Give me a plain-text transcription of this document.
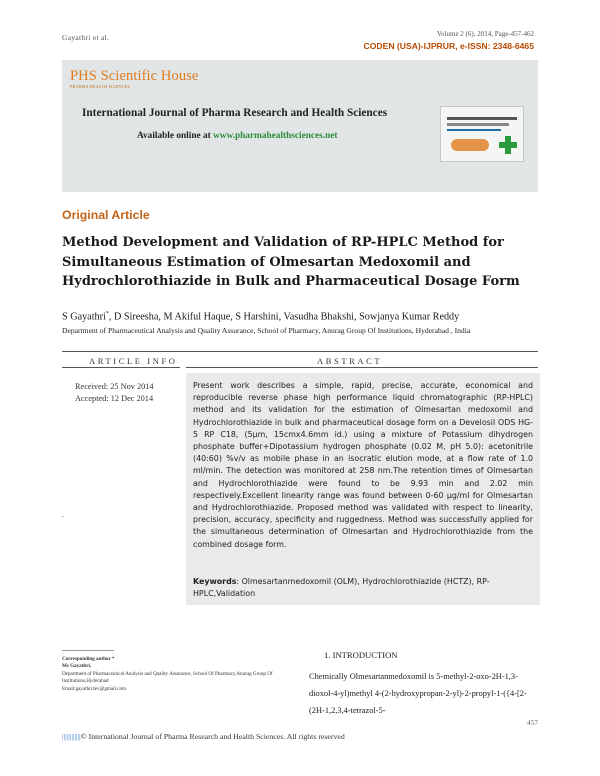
Gayathri et al.	Volume 2 (6), 2014, Page-457-462
CODEN (USA)-IJPRUR, e-ISSN: 2348-6465
PHS Scientific House
PHARMA HEALTH SCIENCES
International Journal of Pharma Research and Health Sciences
Available online at www.pharmahealthsciences.net
Original Article
Method Development and Validation of RP-HPLC Method for Simultaneous Estimation of Olmesartan Medoxomil and Hydrochlorothiazide in Bulk and Pharmaceutical Dosage Form
S Gayathri*, D Sireesha, M Akiful Haque, S Harshini, Vasudha Bhakshi, Sowjanya Kumar Reddy
Department of Pharmaceutical Analysis and Quality Assurance, School of Pharmacy, Anurag Group Of Institutions, Hyderabad , India
ARTICLE INFO	ABSTRACT
Received: 25 Nov 2014
Accepted: 12 Dec 2014
.
Present work describes a simple, rapid, precise, accurate, economical and reproducible reverse phase high performance liquid chromatographic (RP-HPLC) method and its validation for the estimation of Olmesartan medoxomil and Hydrochlorothiazide in bulk and pharmaceutical dosage form on a Develosil ODS HG-5 RP C18, (5µm, 15cmx4.6mm id.) using a mixture of Potassium dihydrogen phosphate buffer+Dipotassium hydrogen phosphate (0.02 M, pH 5.0): acetonitrile (40:60) %v/v as mobile phase in an isocratic elution mode, at a flow rate of 1.0 ml/min. The detection was monitored at 258 nm.The retention times of Olmesartan and Hydrochlorothiazide were found to be 9.93 min and 2.02 min respectively.Excellent linearity range was found between 0-60 µg/ml for Olmesartan and Hydrochlorothiazide. Proposed method was validated with respect to linearity, precision, accuracy, specificity and ruggedness. Method was successfully applied for the simultaneous determination of Olmesartan and Hydrochlorothiazide from the combined dosage form.
Keywords: Olmesartanmedoxomil (OLM), Hydrochlorothiazide (HCTZ), RP-HPLC,Validation
Corresponding author *
Ms Gayathri,
Department of Pharmaceutical Analysis and Quality Assurance, School Of Pharmacy,Anurag Group Of Institutions,Hyderabad
Email:gayathri4ev@gmail.com
1. INTRODUCTION
Chemically Olmesartanmedoxomil is 5-methyl-2-oxo-2H-1,3-dioxol-4-yl)methyl 4-(2-hydroxypropan-2-yl)-2-propyl-1-({4-[2-(2H-1,2,3,4-tetrazol-5-
457
||||||||||||© International Journal of Pharma Research and Health Sciences. All rights reserved
